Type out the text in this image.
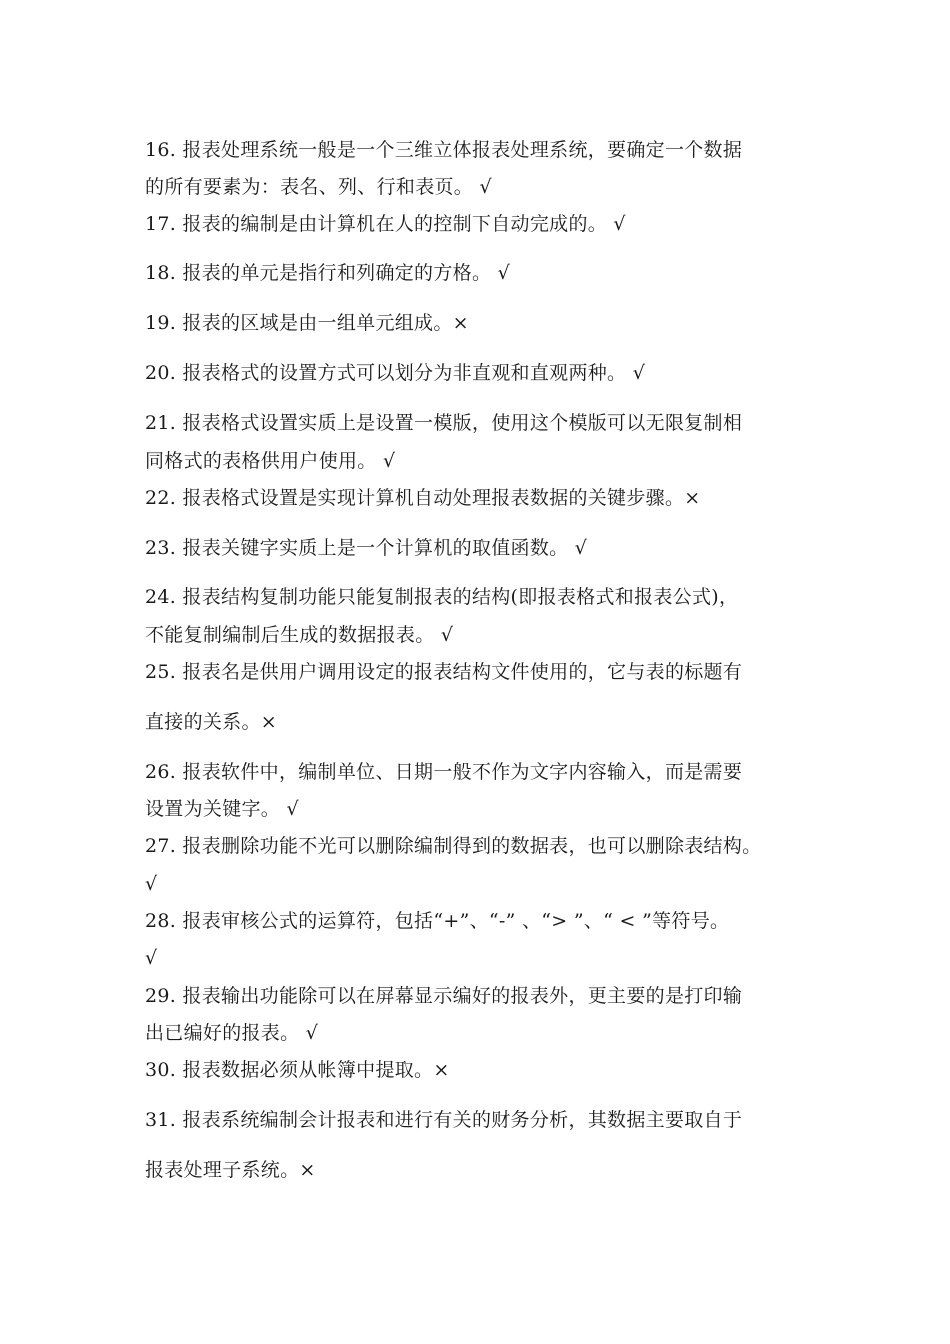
16. 报表处理系统一般是一个三维立体报表处理系统，要确定一个数据
的所有要素为：表名、列、行和表页。 √
17. 报表的编制是由计算机在人的控制下自动完成的。 √
18. 报表的单元是指行和列确定的方格。 √
19. 报表的区域是由一组单元组成。×
20. 报表格式的设置方式可以划分为非直观和直观两种。 √
21. 报表格式设置实质上是设置一模版，使用这个模版可以无限复制相
同格式的表格供用户使用。 √
22. 报表格式设置是实现计算机自动处理报表数据的关键步骤。×
23. 报表关键字实质上是一个计算机的取值函数。 √
24. 报表结构复制功能只能复制报表的结构(即报表格式和报表公式)，
不能复制编制后生成的数据报表。 √
25. 报表名是供用户调用设定的报表结构文件使用的，它与表的标题有
直接的关系。×
26. 报表软件中，编制单位、日期一般不作为文字内容输入，而是需要
设置为关键字。 √
27. 报表删除功能不光可以删除编制得到的数据表，也可以删除表结构。
√
28. 报表审核公式的运算符，包括“+”、“-” 、“> ”、“ < ”等符号。
√
29. 报表输出功能除可以在屏幕显示编好的报表外，更主要的是打印输
出已编好的报表。 √
30. 报表数据必须从帐簿中提取。×
31. 报表系统编制会计报表和进行有关的财务分析，其数据主要取自于
报表处理子系统。×
